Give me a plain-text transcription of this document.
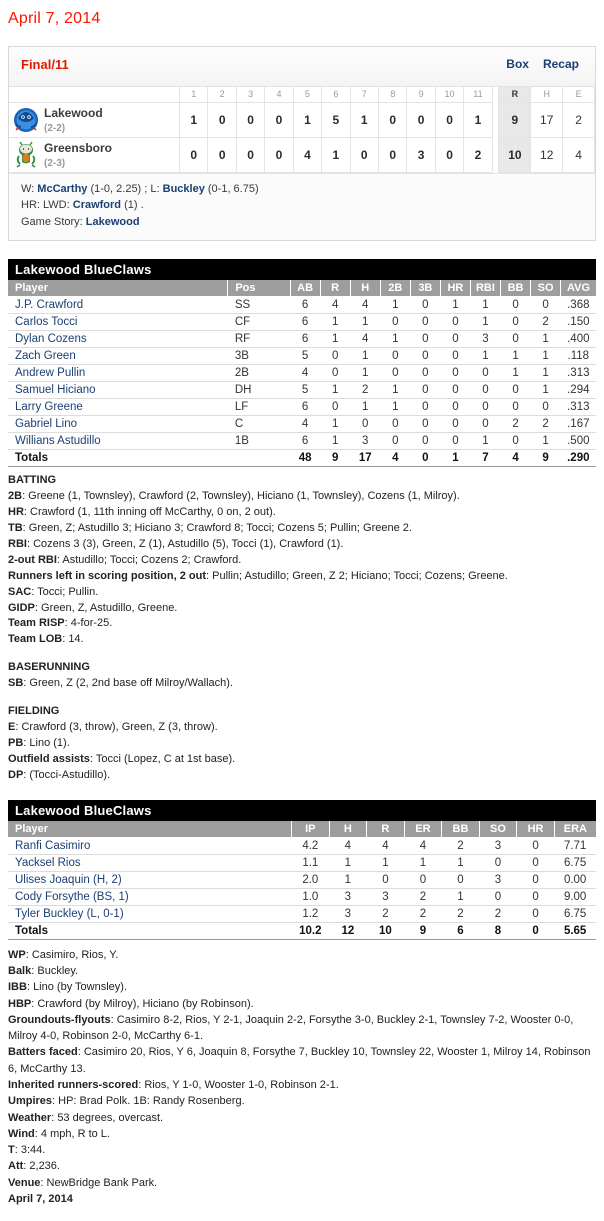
April 7, 2014
Final/11	Box Recap
	1	2	3	4	5	6	7	8	9	10	11		R	H	E

Lakewood
(2-2)	1	0	0	0	1	5	1	0	0	0	1		9	17	2

Greensboro
(2-3)	0	0	0	0	4	1	0	0	3	0	2		10	12	4
W: McCarthy (1-0, 2.25) ; L: Buckley (0-1, 6.75)
HR: LWD: Crawford (1) .
Game Story: Lakewood
Lakewood BlueClaws
Player	Pos	AB	R	H	2B	3B	HR	RBI	BB	SO	AVG
J.P. Crawford	SS	6	4	4	1	0	1	1	0	0	.368
Carlos Tocci	CF	6	1	1	0	0	0	1	0	2	.150
Dylan Cozens	RF	6	1	4	1	0	0	3	0	1	.400
Zach Green	3B	5	0	1	0	0	0	1	1	1	.118
Andrew Pullin	2B	4	0	1	0	0	0	0	1	1	.313
Samuel Hiciano	DH	5	1	2	1	0	0	0	0	1	.294
Larry Greene	LF	6	0	1	1	0	0	0	0	0	.313
Gabriel Lino	C	4	1	0	0	0	0	0	2	2	.167
Willians Astudillo	1B	6	1	3	0	0	0	1	0	1	.500
Totals		48	9	17	4	0	1	7	4	9	.290
BATTING
2B: Greene (1, Townsley), Crawford (2, Townsley), Hiciano (1, Townsley), Cozens (1, Milroy).
HR: Crawford (1, 11th inning off McCarthy, 0 on, 2 out).
TB: Green, Z; Astudillo 3; Hiciano 3; Crawford 8; Tocci; Cozens 5; Pullin; Greene 2.
RBI: Cozens 3 (3), Green, Z (1), Astudillo (5), Tocci (1), Crawford (1).
2-out RBI: Astudillo; Tocci; Cozens 2; Crawford.
Runners left in scoring position, 2 out: Pullin; Astudillo; Green, Z 2; Hiciano; Tocci; Cozens; Greene.
SAC: Tocci; Pullin.
GIDP: Green, Z, Astudillo, Greene.
Team RISP: 4-for-25.
Team LOB: 14.
BASERUNNING
SB: Green, Z (2, 2nd base off Milroy/Wallach).
FIELDING
E: Crawford (3, throw), Green, Z (3, throw).
PB: Lino (1).
Outfield assists: Tocci (Lopez, C at 1st base).
DP: (Tocci-Astudillo).
Lakewood BlueClaws
Player	IP	H	R	ER	BB	SO	HR	ERA
Ranfi Casimiro	4.2	4	4	4	2	3	0	7.71
Yacksel Rios	1.1	1	1	1	1	0	0	6.75
Ulises Joaquin (H, 2)	2.0	1	0	0	0	3	0	0.00
Cody Forsythe (BS, 1)	1.0	3	3	2	1	0	0	9.00
Tyler Buckley (L, 0-1)	1.2	3	2	2	2	2	0	6.75
Totals	10.2	12	10	9	6	8	0	5.65
WP: Casimiro, Rios, Y.
Balk: Buckley.
IBB: Lino (by Townsley).
HBP: Crawford (by Milroy), Hiciano (by Robinson).
Groundouts-flyouts: Casimiro 8-2, Rios, Y 2-1, Joaquin 2-2, Forsythe 3-0, Buckley 2-1, Townsley 7-2, Wooster 0-0, Milroy 4-0, Robinson 2-0, McCarthy 6-1.
Batters faced: Casimiro 20, Rios, Y 6, Joaquin 8, Forsythe 7, Buckley 10, Townsley 22, Wooster 1, Milroy 14, Robinson 6, McCarthy 13.
Inherited runners-scored: Rios, Y 1-0, Wooster 1-0, Robinson 2-1.
Umpires: HP: Brad Polk. 1B: Randy Rosenberg.
Weather: 53 degrees, overcast.
Wind: 4 mph, R to L.
T: 3:44.
Att: 2,236.
Venue: NewBridge Bank Park.
April 7, 2014
